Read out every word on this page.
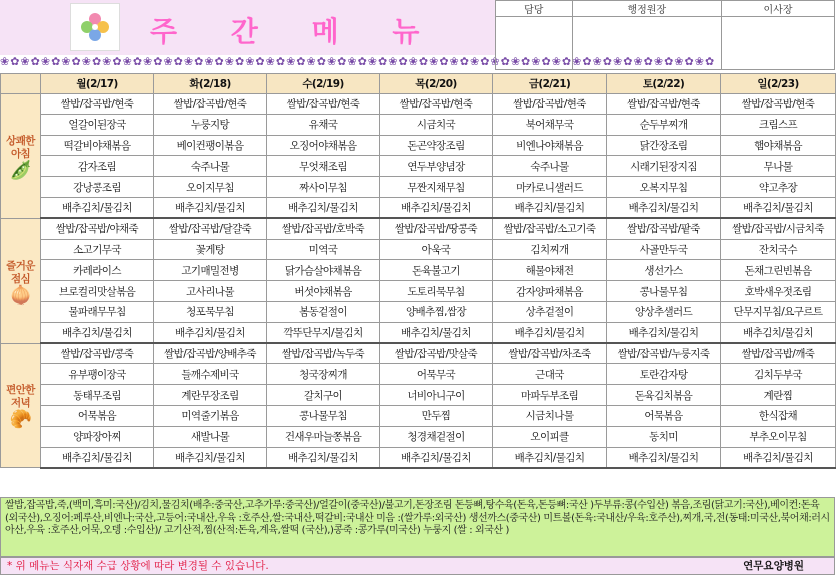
주 간 메 뉴
❀✿❀✿❀✿❀✿❀✿❀✿❀✿❀✿❀✿❀✿❀✿❀✿❀✿❀✿❀✿❀✿❀✿❀✿❀✿❀✿❀✿❀✿❀✿❀✿❀✿❀✿❀✿❀✿❀✿❀✿❀✿❀✿❀✿❀✿❀✿
담당	행정원장	이사장

	월(2/17)	화(2/18)	수(2/19)	목(2/20)	금(2/21)	토(2/22)	일(2/23)

상쾌한
아침
🫛	쌀밥/잡곡밥/현죽	쌀밥/잡곡밥/현죽	쌀밥/잡곡밥/현죽	쌀밥/잡곡밥/현죽	쌀밥/잡곡밥/현죽	쌀밥/잡곡밥/현죽	쌀밥/잡곡밥/현죽
	얼갈이된장국	누룽지탕	유채국	시금치국	북어채무국	순두부찌개	크림스프
	떡갈비야채볶음	베이컨팽이볶음	오징어야채볶음	돈곤약장조림	비엔나야채볶음	닭간장조림	햄야채볶음
	감자조림	숙주나물	무엇채조림	연두부양념장	숙주나물	시래기된장지짐	무나물
	강낭콩조림	오이지무침	짜사이무침	무짠지채무침	마카로니샐러드	오복지무침	약고추장
	배추김치/물김치	배추김치/물김치	배추김치/물김치	배추김치/물김치	배추김치/물김치	배추김치/물김치	배추김치/물김치

즐거운
점심
🧅	쌀밥/잡곡밥/야채죽	쌀밥/잡곡밥/달걀죽	쌀밥/잡곡밥/호박죽	쌀밥/잡곡밥/땅콩죽	쌀밥/잡곡밥/소고기죽	쌀밥/잡곡밥/팥죽	쌀밥/잡곡밥/시금치죽
	소고기무국	꽃게탕	미역국	아욱국	김치찌개	사골만두국	잔치국수
	카레라이스	고기매밀전병	닭가슴살야채볶음	돈육불고기	해물야채전	생선가스	돈채그린빈볶음
	브로컬리맛살볶음	고사리나물	버섯야채볶음	도토리묵무침	감자양파채볶음	콩나물무침	호박새우젓조림
	물파래무무침	청포묵무침	봄동겉절이	양배추찜,쌈장	상추겉절이	양상추샐러드	단무지무침/요구르트
	배추김치/물김치	배추김치/물김치	깍뚜단무지/물김치	배추김치/물김치	배추김치/물김치	배추김치/물김치	배추김치/물김치

편안한
저녁
🥐	쌀밥/잡곡밥/콩죽	쌀밥/잡곡밥/양배추죽	쌀밥/잡곡밥/녹두죽	쌀밥/잡곡밥/맛살죽	쌀밥/잡곡밥/차조죽	쌀밥/잡곡밥/누룽지죽	쌀밥/잡곡밥/깨죽
	유부팽이장국	들깨수제비국	청국장찌개	어묵무국	근대국	토란감자탕	김치두부국
	동태무조림	계란무장조림	갈치구이	너비아니구이	마파두부조림	돈육김치볶음	계란찜
	어묵볶음	미역줄기볶음	콩나물무침	만두찜	시금치나물	어묵볶음	한식잡채
	양파장아찌	새발나물	건새우마늘쫑볶음	청경채겉절이	오이피클	동치미	부추오이무침
	배추김치/물김치	배추김치/물김치	배추김치/물김치	배추김치/물김치	배추김치/물김치	배추김치/물김치	배추김치/물김치
쌀밥,잡곡밥,죽,(백미,흑미:국산)/김치,물김치(배추:중국산,고추가루:중국산)/얼갈이(중국산)/불고기,돈장조림 돈등뼈,탕수육(돈육,돈등뼈:국산 )두부류:콩(수입산) 볶음,조림(닭고기:국산),베이컨:돈육(외국산),오징어:페루산,비엔나:국산,고등어:국내산,우육 :호주산,쌀:국내산,떡갈비:국내산 미음 :(쌀가루:외국산) 생선까스(중국산) 미트볼(돈육:국내산/우육:호주산),찌개,국,전(동태:미국산,북어채:러시아산,우육 :호주산,어묵,오뎅 :수입산)/ 고기산적,찜(산적:돈육,계육,쌀떡 (국산),)콩죽 :콩가루(미국산) 누룽지 (쌀 : 외국산 )
* 위 메뉴는 식자재 수급 상황에 따라 변경될 수 있습니다.	연무요양병원
